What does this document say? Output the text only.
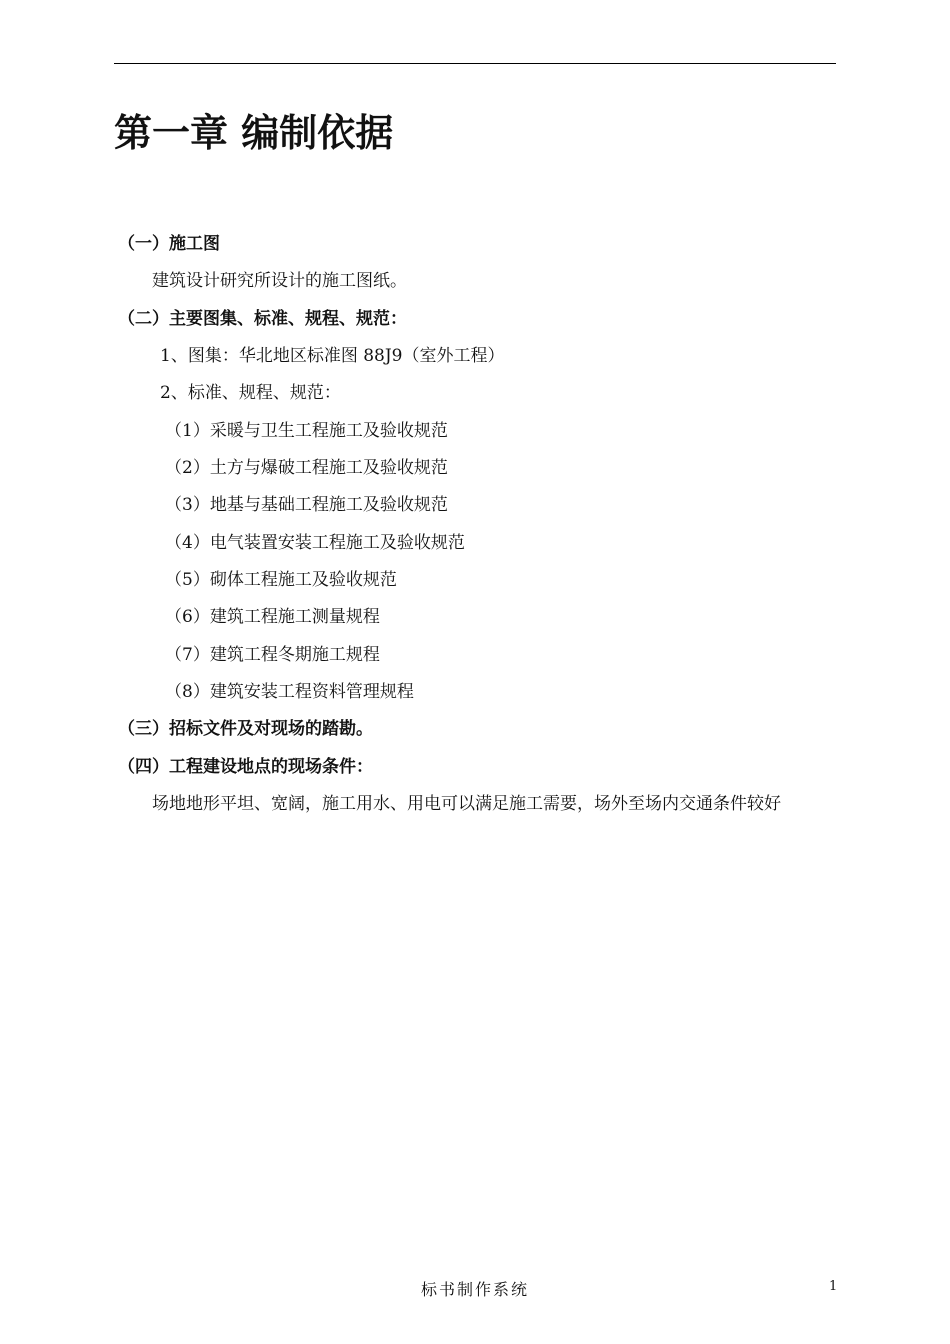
第一章 编制依据
（一）施工图
建筑设计研究所设计的施工图纸。
（二）主要图集、标准、规程、规范：
1、图集：华北地区标准图 88J9（室外工程）
2、标准、规程、规范：
（1）采暖与卫生工程施工及验收规范
（2）土方与爆破工程施工及验收规范
（3）地基与基础工程施工及验收规范
（4）电气装置安装工程施工及验收规范
（5）砌体工程施工及验收规范
（6）建筑工程施工测量规程
（7）建筑工程冬期施工规程
（8）建筑安装工程资料管理规程
（三）招标文件及对现场的踏勘。
（四）工程建设地点的现场条件：
场地地形平坦、宽阔，施工用水、用电可以满足施工需要，场外至场内交通条件较好
标书制作系统	1
